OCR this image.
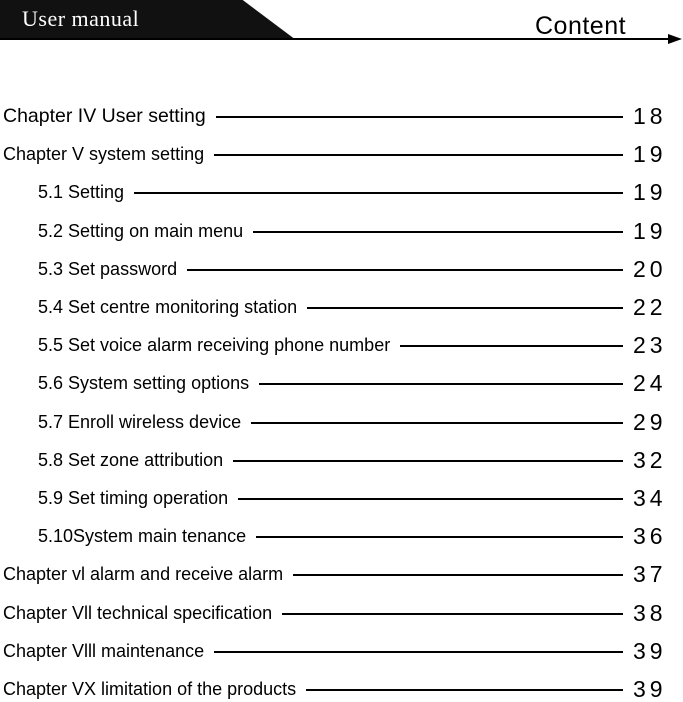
User manual	Content
Chapter IV User setting	18
Chapter V system setting	19
5.1 Setting	19
5.2 Setting on main menu	19
5.3 Set password	20
5.4 Set centre monitoring station	22
5.5 Set voice alarm receiving phone number	23
5.6 System setting options	24
5.7 Enroll wireless device	29
5.8 Set zone attribution	32
5.9 Set timing operation	34
5.10System main tenance	36
Chapter vl alarm and receive alarm	37
Chapter Vll technical specification	38
Chapter Vlll maintenance	39
Chapter VX limitation of the products	39
